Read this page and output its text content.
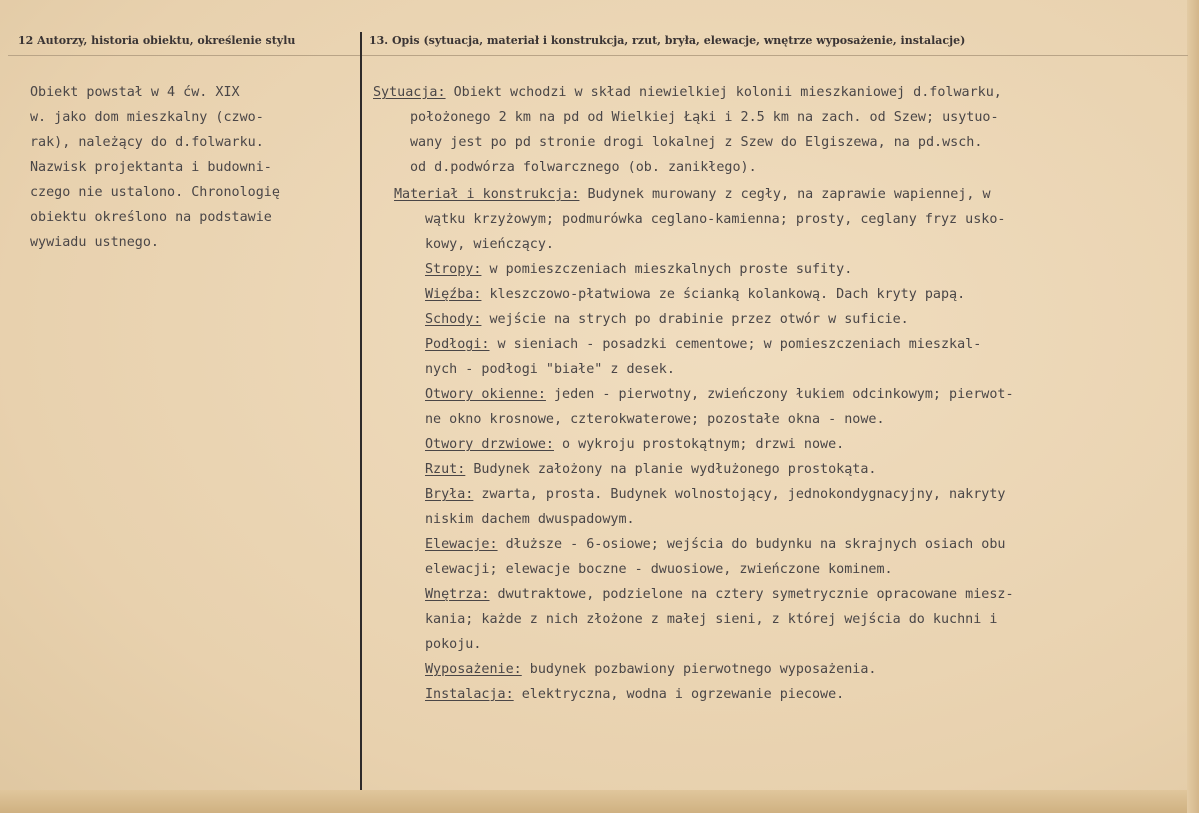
12 Autorzy, historia obiektu, określenie stylu	13. Opis (sytuacja, materiał i konstrukcja, rzut, bryła, elewacje, wnętrze wyposażenie, instalacje)
Obiekt powstał w 4 ćw. XIX
w. jako dom mieszkalny (czwo-
rak), należący do d.folwarku.
Nazwisk projektanta i budowni-
czego nie ustalono. Chronologię
obiektu określono na podstawie
wywiadu ustnego.
Sytuacja: Obiekt wchodzi w skład niewielkiej kolonii mieszkaniowej d.folwarku,
położonego 2 km na pd od Wielkiej Łąki i 2.5 km na zach. od Szew; usytuo-
wany jest po pd stronie drogi lokalnej z Szew do Elgiszewa, na pd.wsch.
od d.podwórza folwarcznego (ob. zanikłego).
Materiał i konstrukcja: Budynek murowany z cegły, na zaprawie wapiennej, w
wątku krzyżowym; podmurówka ceglano-kamienna; prosty, ceglany fryz usko-
kowy, wieńczący.
Stropy: w pomieszczeniach mieszkalnych proste sufity.
Więźba: kleszczowo-płatwiowa ze ścianką kolankową. Dach kryty papą.
Schody: wejście na strych po drabinie przez otwór w suficie.
Podłogi: w sieniach - posadzki cementowe; w pomieszczeniach mieszkal-
nych - podłogi "białe" z desek.
Otwory okienne: jeden - pierwotny, zwieńczony łukiem odcinkowym; pierwot-
ne okno krosnowe, czterokwaterowe; pozostałe okna - nowe.
Otwory drzwiowe: o wykroju prostokątnym; drzwi nowe.
Rzut: Budynek założony na planie wydłużonego prostokąta.
Bryła: zwarta, prosta. Budynek wolnostojący, jednokondygnacyjny, nakryty
niskim dachem dwuspadowym.
Elewacje: dłuższe - 6-osiowe; wejścia do budynku na skrajnych osiach obu
elewacji; elewacje boczne - dwuosiowe, zwieńczone kominem.
Wnętrza: dwutraktowe, podzielone na cztery symetrycznie opracowane miesz-
kania; każde z nich złożone z małej sieni, z której wejścia do kuchni i
pokoju.
Wyposażenie: budynek pozbawiony pierwotnego wyposażenia.
Instalacja: elektryczna, wodna i ogrzewanie piecowe.
